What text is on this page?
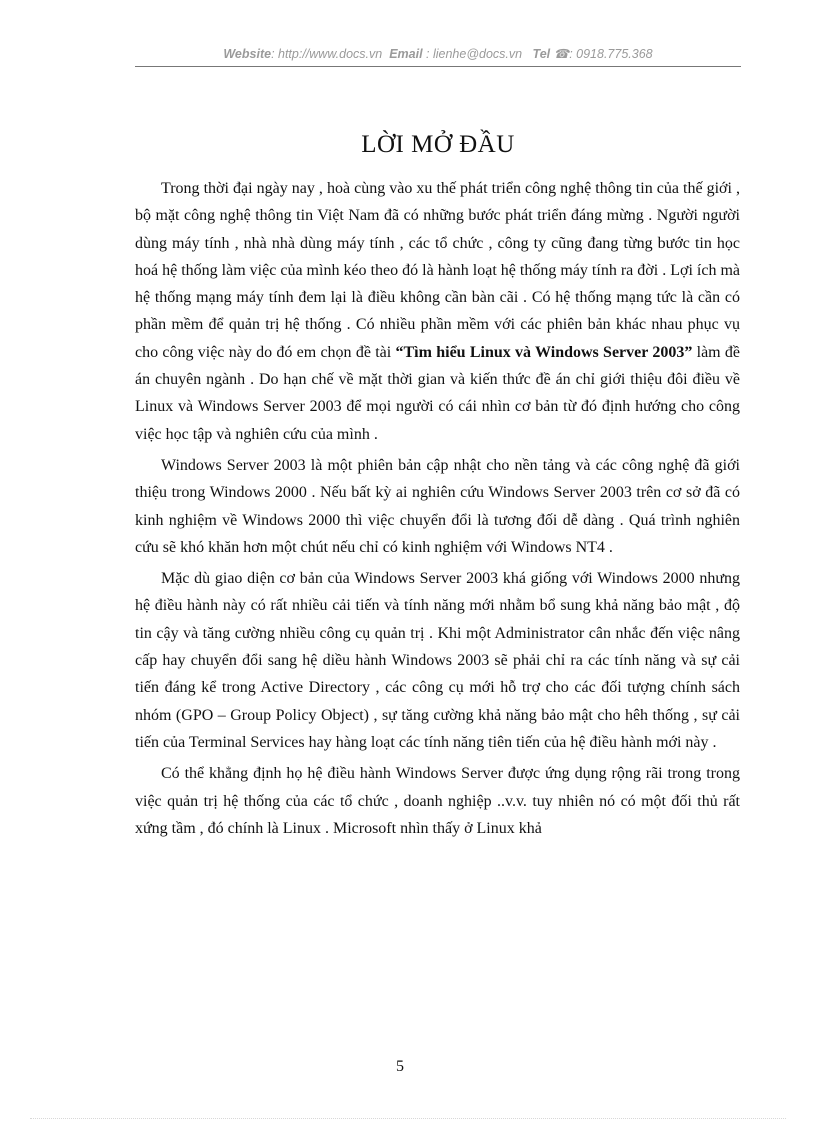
Website: http://www.docs.vn Email : lienhe@docs.vn Tel ☎: 0918.775.368
LỜI MỞ ĐẦU

Trong thời đại ngày nay , hoà cùng vào xu thế phát triển công nghệ thông tin của thế giới , bộ mặt công nghệ thông tin Việt Nam đã có những bước phát triển đáng mừng . Người người dùng máy tính , nhà nhà dùng máy tính , các tổ chức , công ty cũng đang từng bước tin học hoá hệ thống làm việc của mình kéo theo đó là hành loạt hệ thống máy tính ra đời . Lợi ích mà hệ thống mạng máy tính đem lại là điều không cần bàn cãi . Có hệ thống mạng tức là cần có phần mềm để quản trị hệ thống . Có nhiều phần mềm với các phiên bản khác nhau phục vụ cho công việc này do đó em chọn đề tài “Tìm hiểu Linux và Windows Server 2003” làm đề án chuyên ngành . Do hạn chế về mặt thời gian và kiến thức đề án chỉ giới thiệu đôi điều về Linux và Windows Server 2003 để mọi người có cái nhìn cơ bản từ đó định hướng cho công việc học tập và nghiên cứu của mình .

Windows Server 2003 là một phiên bản cập nhật cho nền tảng và các công nghệ đã giới thiệu trong Windows 2000 . Nếu bất kỳ ai nghiên cứu Windows Server 2003 trên cơ sở đã có kinh nghiệm về Windows 2000 thì việc chuyển đổi là tương đối dễ dàng . Quá trình nghiên cứu sẽ khó khăn hơn một chút nếu chỉ có kinh nghiệm với Windows NT4 .

Mặc dù giao diện cơ bản của Windows Server 2003 khá giống với Windows 2000 nhưng hệ điều hành này có rất nhiều cải tiến và tính năng mới nhằm bổ sung khả năng bảo mật , độ tin cậy và tăng cường nhiều công cụ quản trị . Khi một Administrator cân nhắc đến việc nâng cấp hay chuyển đổi sang hệ diều hành Windows 2003 sẽ phải chỉ ra các tính năng và sự cải tiến đáng kể trong Active Directory , các công cụ mới hỗ trợ cho các đối tượng chính sách nhóm (GPO – Group Policy Object) , sự tăng cường khả năng bảo mật cho hêh thống , sự cải tiến của Terminal Services hay hàng loạt các tính năng tiên tiến của hệ điều hành mới này .

Có thể khẳng định họ hệ điều hành Windows Server được ứng dụng rộng rãi trong trong việc quản trị hệ thống của các tổ chức , doanh nghiệp ..v.v. tuy nhiên nó có một đối thủ rất xứng tầm , đó chính là Linux . Microsoft nhìn thấy ở Linux khả

5
